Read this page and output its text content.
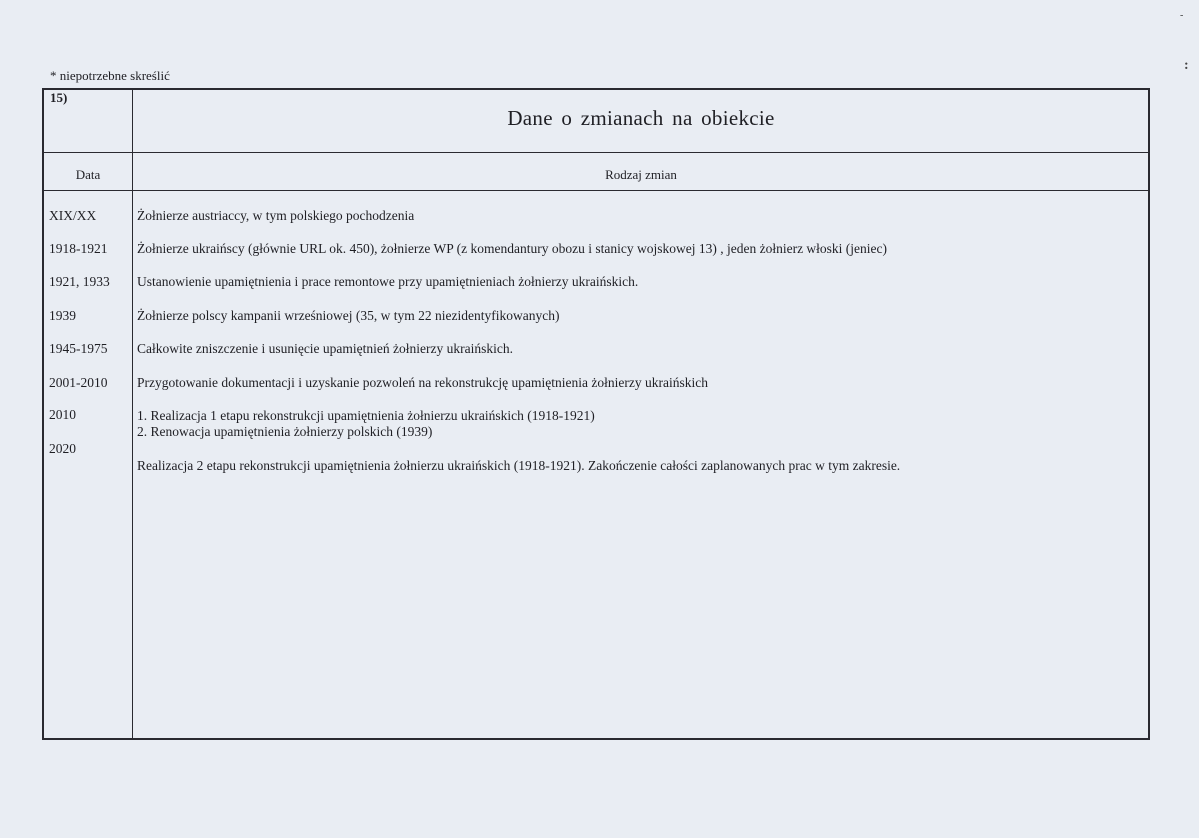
* niepotrzebne skreślić
-
:
15)
Dane o zmianach na obiekcie
Data	Rodzaj zmian
XIX/XX
1918-1921
1921, 1933
1939
1945-1975
2001-2010
2010
2020
Żołnierze austriaccy, w tym polskiego pochodzenia
Żołnierze ukraińscy (głównie URL ok. 450), żołnierze WP (z komendantury obozu i stanicy wojskowej 13) , jeden żołnierz włoski (jeniec)
Ustanowienie upamiętnienia i prace remontowe przy upamiętnieniach żołnierzy ukraińskich.
Żołnierze polscy kampanii wrześniowej (35, w tym 22 niezidentyfikowanych)
Całkowite zniszczenie i usunięcie upamiętnień żołnierzy ukraińskich.
Przygotowanie dokumentacji i uzyskanie pozwoleń na rekonstrukcję upamiętnienia żołnierzy ukraińskich
1. Realizacja 1 etapu rekonstrukcji upamiętnienia żołnierzu ukraińskich (1918-1921)
2. Renowacja upamiętnienia żołnierzy polskich (1939)
Realizacja 2 etapu rekonstrukcji upamiętnienia żołnierzu ukraińskich (1918-1921). Zakończenie całości zaplanowanych prac w tym zakresie.
